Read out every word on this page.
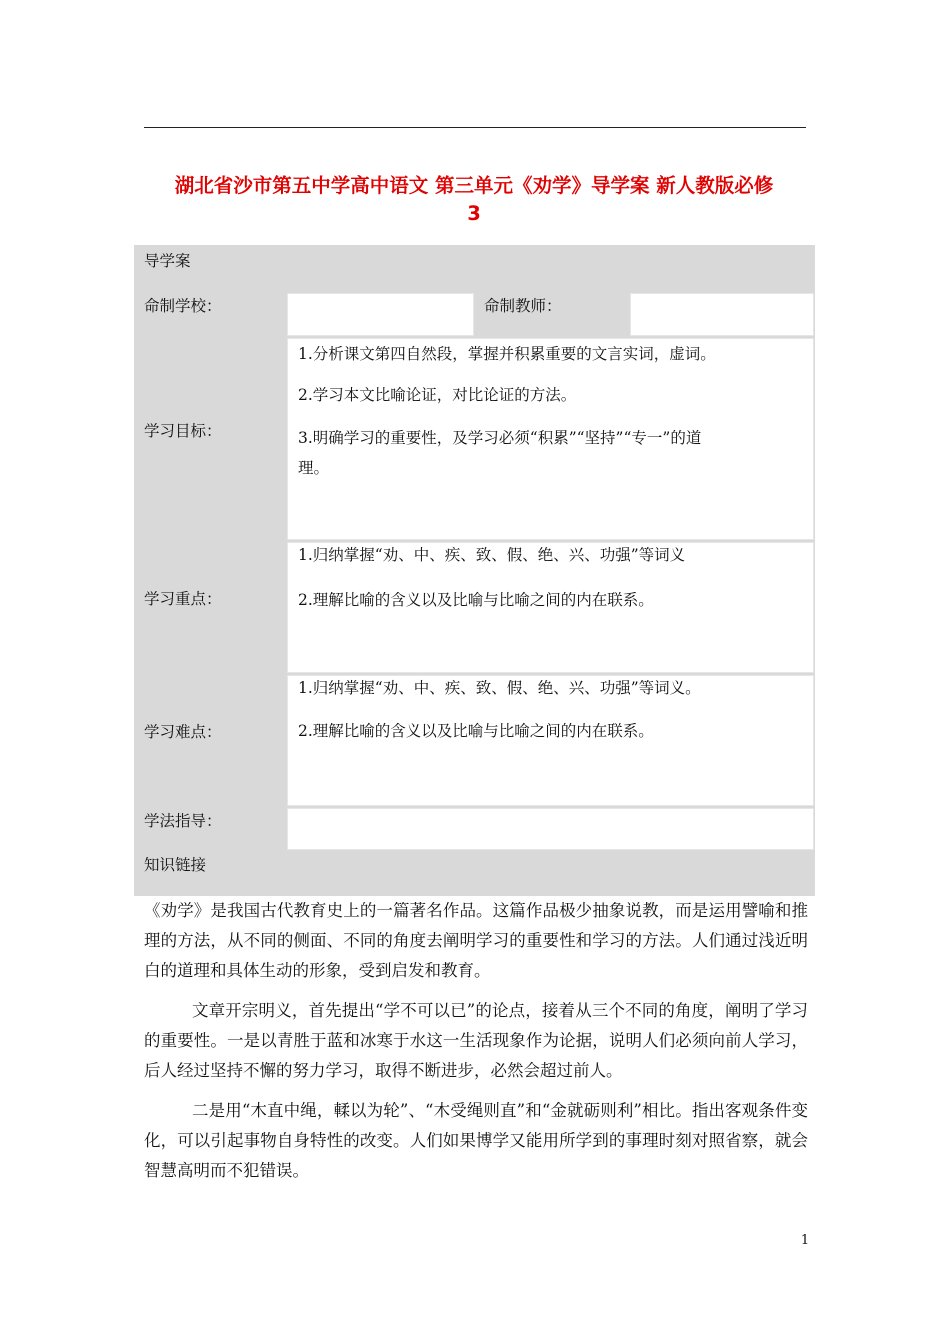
湖北省沙市第五中学高中语文 第三单元《劝学》导学案 新人教版必修
3
导学案
命制学校：	命制教师：
学习目标：
1.分析课文第四自然段，掌握并积累重要的文言实词，虚词。
2.学习本文比喻论证，对比论证的方法。
3.明确学习的重要性，及学习必须“积累”“坚持”“专一”的道
理。
学习重点：
1.归纳掌握“劝、中、疾、致、假、绝、兴、功强”等词义
2.理解比喻的含义以及比喻与比喻之间的内在联系。
学习难点：
1.归纳掌握“劝、中、疾、致、假、绝、兴、功强”等词义。
2.理解比喻的含义以及比喻与比喻之间的内在联系。
学法指导：
知识链接
《劝学》是我国古代教育史上的一篇著名作品。这篇作品极少抽象说教，而是运用譬喻和推理的方法，从不同的侧面、不同的角度去阐明学习的重要性和学习的方法。人们通过浅近明白的道理和具体生动的形象，受到启发和教育。
文章开宗明义，首先提出“学不可以已”的论点，接着从三个不同的角度，阐明了学习的重要性。一是以青胜于蓝和冰寒于水这一生活现象作为论据，说明人们必须向前人学习，后人经过坚持不懈的努力学习，取得不断进步，必然会超过前人。
二是用“木直中绳，輮以为轮”、“木受绳则直”和“金就砺则利”相比。指出客观条件变化，可以引起事物自身特性的改变。人们如果博学又能用所学到的事理时刻对照省察，就会智慧高明而不犯错误。
1
